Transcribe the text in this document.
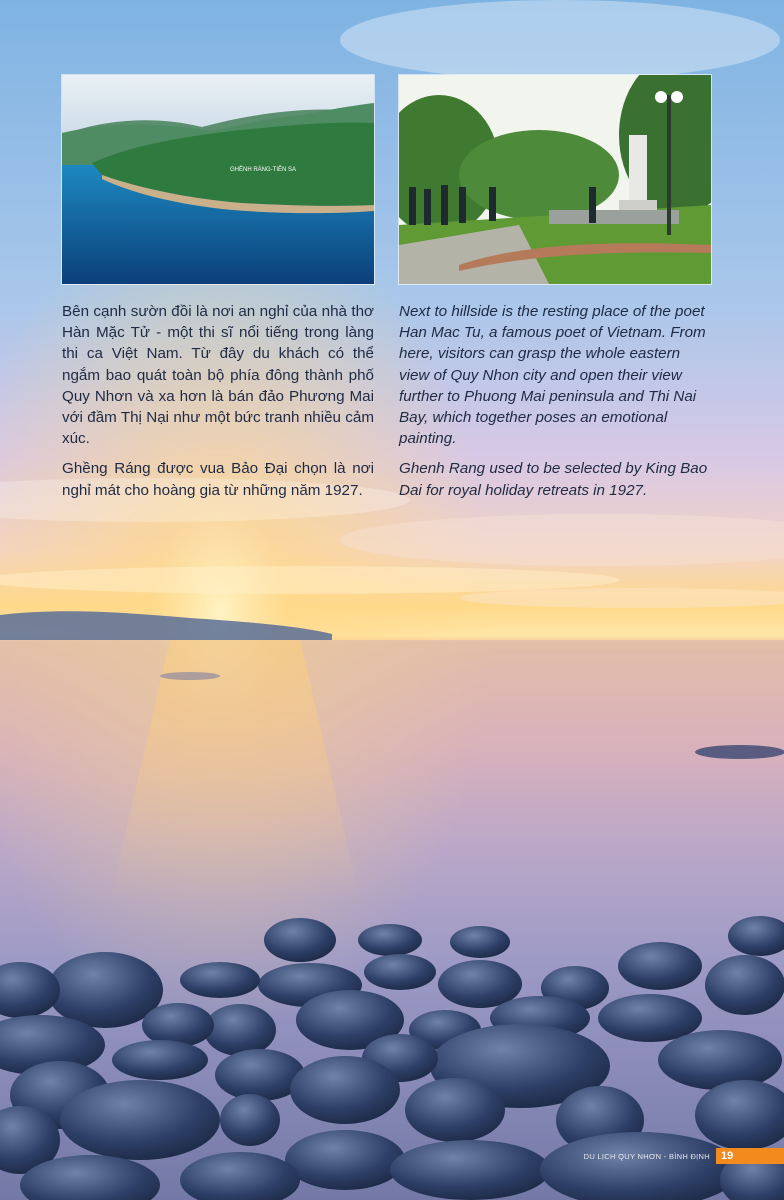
GHỀNH RÁNG-TIÊN SA

Bên cạnh sườn đồi là nơi an nghỉ của nhà thơ Hàn Mặc Tử - một thi sĩ nổi tiếng trong làng thi ca Việt Nam. Từ đây du khách có thể ngắm bao quát toàn bộ phía đông thành phố Quy Nhơn và xa hơn là bán đảo Phương Mai với đầm Thị Nại như một bức tranh nhiều cảm xúc.

Ghềng Ráng được vua Bảo Đại chọn là nơi nghỉ mát cho hoàng gia từ những năm 1927.

Next to hillside is the resting place of the poet Han Mac Tu, a famous poet of Vietnam. From here, visitors can grasp the whole eastern view of Quy Nhon city and open their view further to Phuong Mai peninsula and Thi Nai Bay, which together poses an emotional painting.

Ghenh Rang used to be selected by King Bao Dai for royal holiday retreats in 1927.

DU LỊCH QUY NHƠN - BÌNH ĐỊNH	19
